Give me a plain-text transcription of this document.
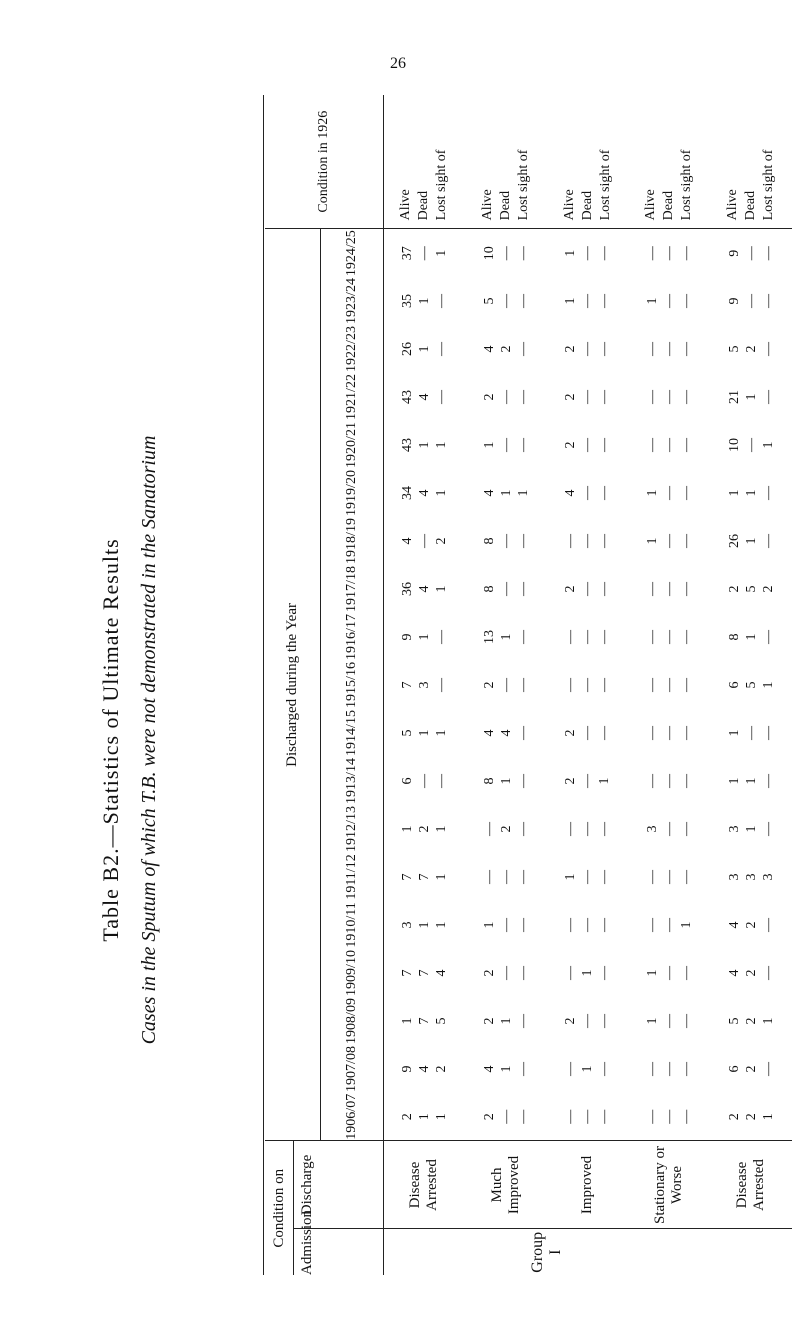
26
Table B2.—Statistics of Ultimate Results Cases in the Sputum of which T.B. were not demonstrated in the Sanatorium
Condition on		Discharged during the Year																			Condition in 1926
Admission	Discharge																				
		1906/07	1907/08	1908/09	1909/10	1910/11	1911/12	1912/13	1913/14	1914/15	1915/16	1916/17	1917/18	1918/19	1919/20	1920/21	1921/22	1922/23	1923/24	1924/25	
Group I	Disease Arrested	2 1 1	9 4 2	1 7 5	7 7 4	3 1 1	7 7 1	1 2 1	6 — —	5 1 1	7 3 —	9 1 —	36 4 1	4 — 2	34 4 1	43 1 1	43 4 —	26 1 —	35 1 —	37 — 1	Alive Dead Lost sight of

	Much Improved	2 — —	4 1 —	2 1 —	2 — —	1 — —	— — —	— 2 —	8 1 —	4 4 —	2 — —	13 1 —	8 — —	8 — —	4 1 1	1 — —	2 — —	4 2 —	5 — —	10 — —	Alive Dead Lost sight of

	Improved	— — —	— 1 —	2 — —	— 1 —	— — —	1 — —	— — —	2 — 1	2 — —	— — —	— — —	2 — —	— — —	4 — —	2 — —	2 — —	2 — —	1 — —	1 — —	Alive Dead Lost sight of

	Stationary or Worse	— — —	— — —	1 — —	1 — —	— — 1	— — —	3 — —	— — —	— — —	— — —	— — —	— — —	1 — —	1 — —	— — —	— — —	— — —	1 — —	— — —	Alive Dead Lost sight of

	Disease Arrested	2 2 1	6 2 —	5 2 1	4 2 —	4 2 —	3 3 3	3 1 —	1 1 —	1 — —	6 5 1	8 1 —	2 5 2	26 1 —	1 1 —	10 — 1	21 1 —	5 2 —	9 — —	9 — —	Alive Dead Lost sight of
